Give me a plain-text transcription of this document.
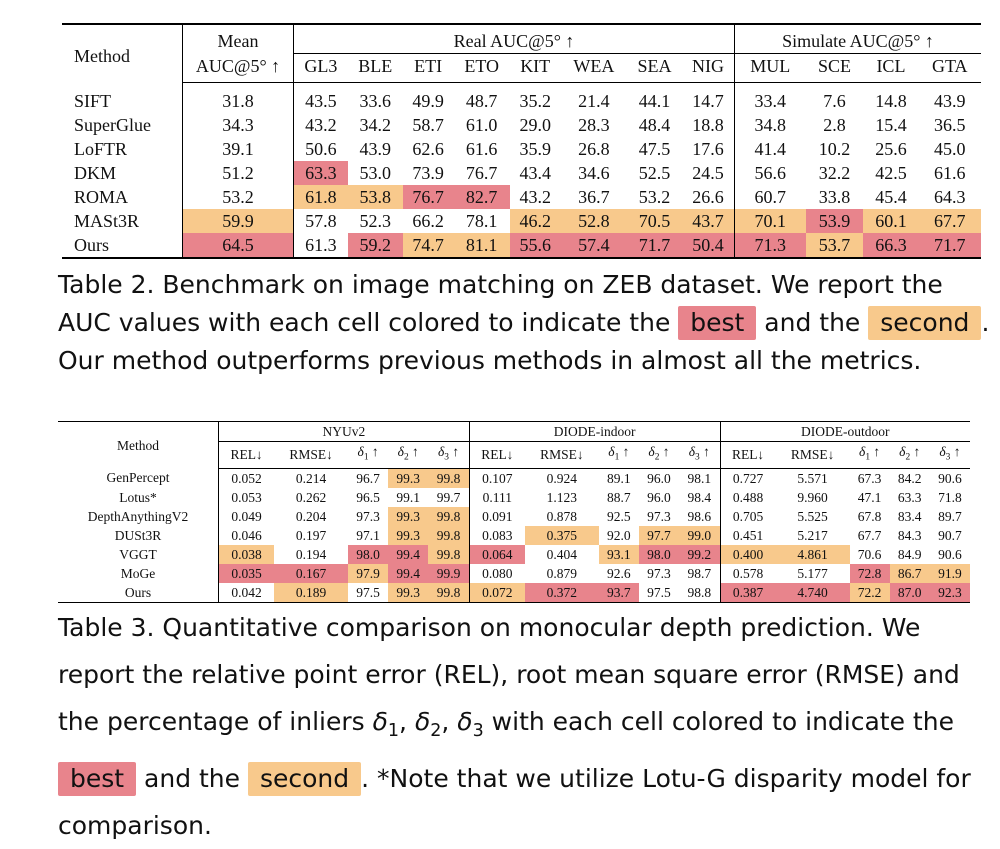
Method	Mean	Real AUC@5° ↑								Simulate AUC@5° ↑			
	AUC@5° ↑	GL3	BLE	ETI	ETO	KIT	WEA	SEA	NIG	MUL	SCE	ICL	GTA
SIFT	31.8	43.5	33.6	49.9	48.7	35.2	21.4	44.1	14.7	33.4	7.6	14.8	43.9
SuperGlue	34.3	43.2	34.2	58.7	61.0	29.0	28.3	48.4	18.8	34.8	2.8	15.4	36.5
LoFTR	39.1	50.6	43.9	62.6	61.6	35.9	26.8	47.5	17.6	41.4	10.2	25.6	45.0
DKM	51.2	63.3	53.0	73.9	76.7	43.4	34.6	52.5	24.5	56.6	32.2	42.5	61.6
ROMA	53.2	61.8	53.8	76.7	82.7	43.2	36.7	53.2	26.6	60.7	33.8	45.4	64.3
MASt3R	59.9	57.8	52.3	66.2	78.1	46.2	52.8	70.5	43.7	70.1	53.9	60.1	67.7
Ours	64.5	61.3	59.2	74.7	81.1	55.6	57.4	71.7	50.4	71.3	53.7	66.3	71.7
Table 2. Benchmark on image matching on ZEB dataset. We report the AUC values with each cell colored to indicate the best and the second . Our method outperforms previous methods in almost all the metrics.
Method	NYUv2					DIODE-indoor					DIODE-outdoor				
	REL↓	RMSE↓	$\delta_1$ ↑	$\delta_2$ ↑	$\delta_3$ ↑	REL↓	RMSE↓	$\delta_1$ ↑	$\delta_2$ ↑	$\delta_3$ ↑	REL↓	RMSE↓	$\delta_1$ ↑	$\delta_2$ ↑	$\delta_3$ ↑
GenPercept	0.052	0.214	96.7	99.3	99.8	0.107	0.924	89.1	96.0	98.1	0.727	5.571	67.3	84.2	90.6
Lotus*	0.053	0.262	96.5	99.1	99.7	0.111	1.123	88.7	96.0	98.4	0.488	9.960	47.1	63.3	71.8
DepthAnythingV2	0.049	0.204	97.3	99.3	99.8	0.091	0.878	92.5	97.3	98.6	0.705	5.525	67.8	83.4	89.7
DUSt3R	0.046	0.197	97.1	99.3	99.8	0.083	0.375	92.0	97.7	99.0	0.451	5.217	67.7	84.3	90.7
VGGT	0.038	0.194	98.0	99.4	99.8	0.064	0.404	93.1	98.0	99.2	0.400	4.861	70.6	84.9	90.6
MoGe	0.035	0.167	97.9	99.4	99.9	0.080	0.879	92.6	97.3	98.7	0.578	5.177	72.8	86.7	91.9
Ours	0.042	0.189	97.5	99.3	99.8	0.072	0.372	93.7	97.5	98.8	0.387	4.740	72.2	87.0	92.3
Table 3. Quantitative comparison on monocular depth prediction. We report the relative point error (REL), root mean square error (RMSE) and the percentage of inliers $\delta_1$, $\delta_2$, $\delta_3$ with each cell colored to indicate the best and the second . *Note that we utilize Lotu-G disparity model for comparison.
